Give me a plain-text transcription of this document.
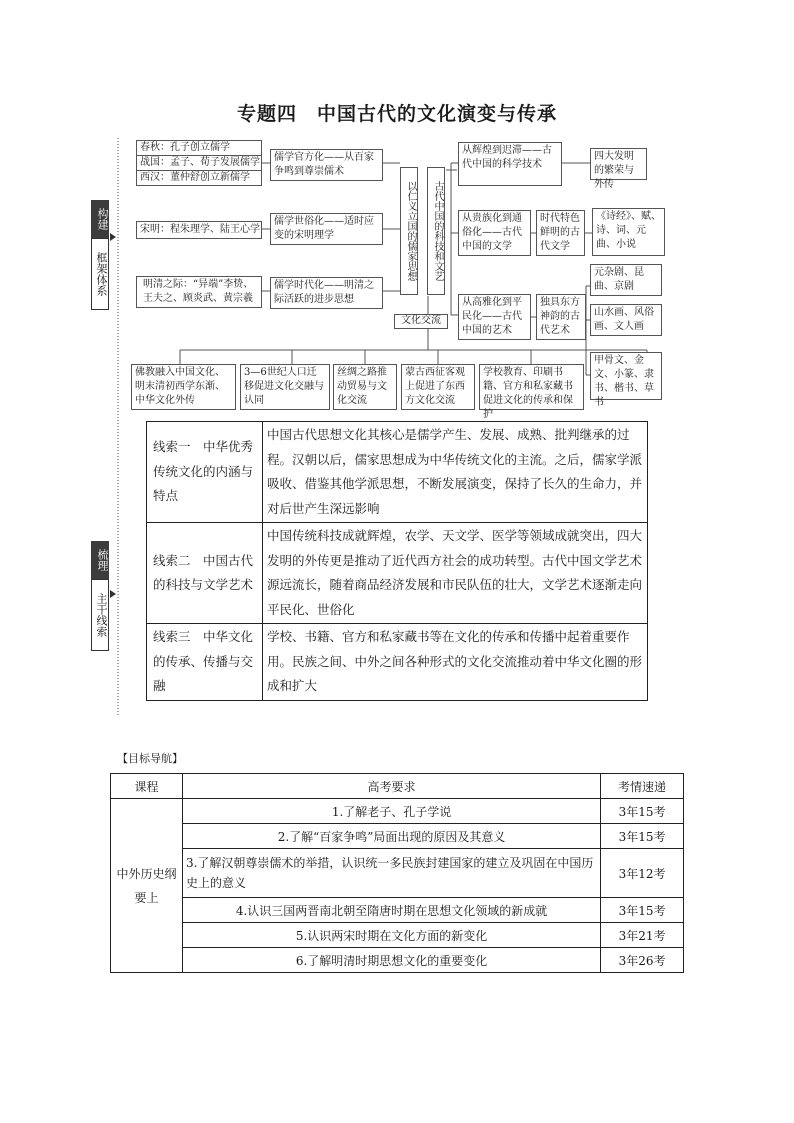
专题四　中国古代的文化演变与传承
构建
框架体系
梳理
主干线索
春秋：孔子创立儒学
战国：孟子、荀子发展儒学
西汉：董仲舒创立新儒学
宋明：程朱理学、陆王心学
明清之际：“异端”李贽、王夫之、顾炎武、黄宗羲
儒学官方化——从百家争鸣到尊崇儒术
儒学世俗化——适时应变的宋明理学
儒学时代化——明清之际活跃的进步思想
以仁义立国的儒家思想	古代中国的科技和文艺
文化交流
从辉煌到迟滞——古代中国的科学技术
从贵族化到通俗化——古代中国的文学
从高雅化到平民化——古代中国的艺术
时代特色鲜明的古代文学
独具东方神韵的古代艺术
四大发明的繁荣与外传
《诗经》、赋、诗、词、元曲、小说
元杂剧、昆曲、京剧
山水画、风俗画、文人画
甲骨文、金文、小篆、隶书、楷书、草书
佛教融入中国文化、明末清初西学东渐、中华文化外传
3—6世纪人口迁移促进文化交融与认同
丝绸之路推动贸易与文化交流
蒙古西征客观上促进了东西方文化交流
学校教育、印刷书籍、官方和私家藏书促进文化的传承和保护
线索一　中华优秀传统文化的内涵与特点	中国古代思想文化其核心是儒学产生、发展、成熟、批判继承的过程。汉朝以后，儒家思想成为中华传统文化的主流。之后，儒家学派吸收、借鉴其他学派思想，不断发展演变，保持了长久的生命力，并对后世产生深远影响
线索二　中国古代的科技与文学艺术	中国传统科技成就辉煌，农学、天文学、医学等领域成就突出，四大发明的外传更是推动了近代西方社会的成功转型。古代中国文学艺术源远流长，随着商品经济发展和市民队伍的壮大，文学艺术逐渐走向平民化、世俗化
线索三　中华文化的传承、传播与交融	学校、书籍、官方和私家藏书等在文化的传承和传播中起着重要作用。民族之间、中外之间各种形式的文化交流推动着中华文化圈的形成和扩大
【目标导航】
课程	高考要求	考情速递
中外历史纲要上	1.了解老子、孔子学说	3年15考
	2.了解“百家争鸣”局面出现的原因及其意义	3年15考
	3.了解汉朝尊崇儒术的举措，认识统一多民族封建国家的建立及巩固在中国历史上的意义	3年12考
	4.认识三国两晋南北朝至隋唐时期在思想文化领域的新成就	3年15考
	5.认识两宋时期在文化方面的新变化	3年21考
	6.了解明清时期思想文化的重要变化	3年26考
